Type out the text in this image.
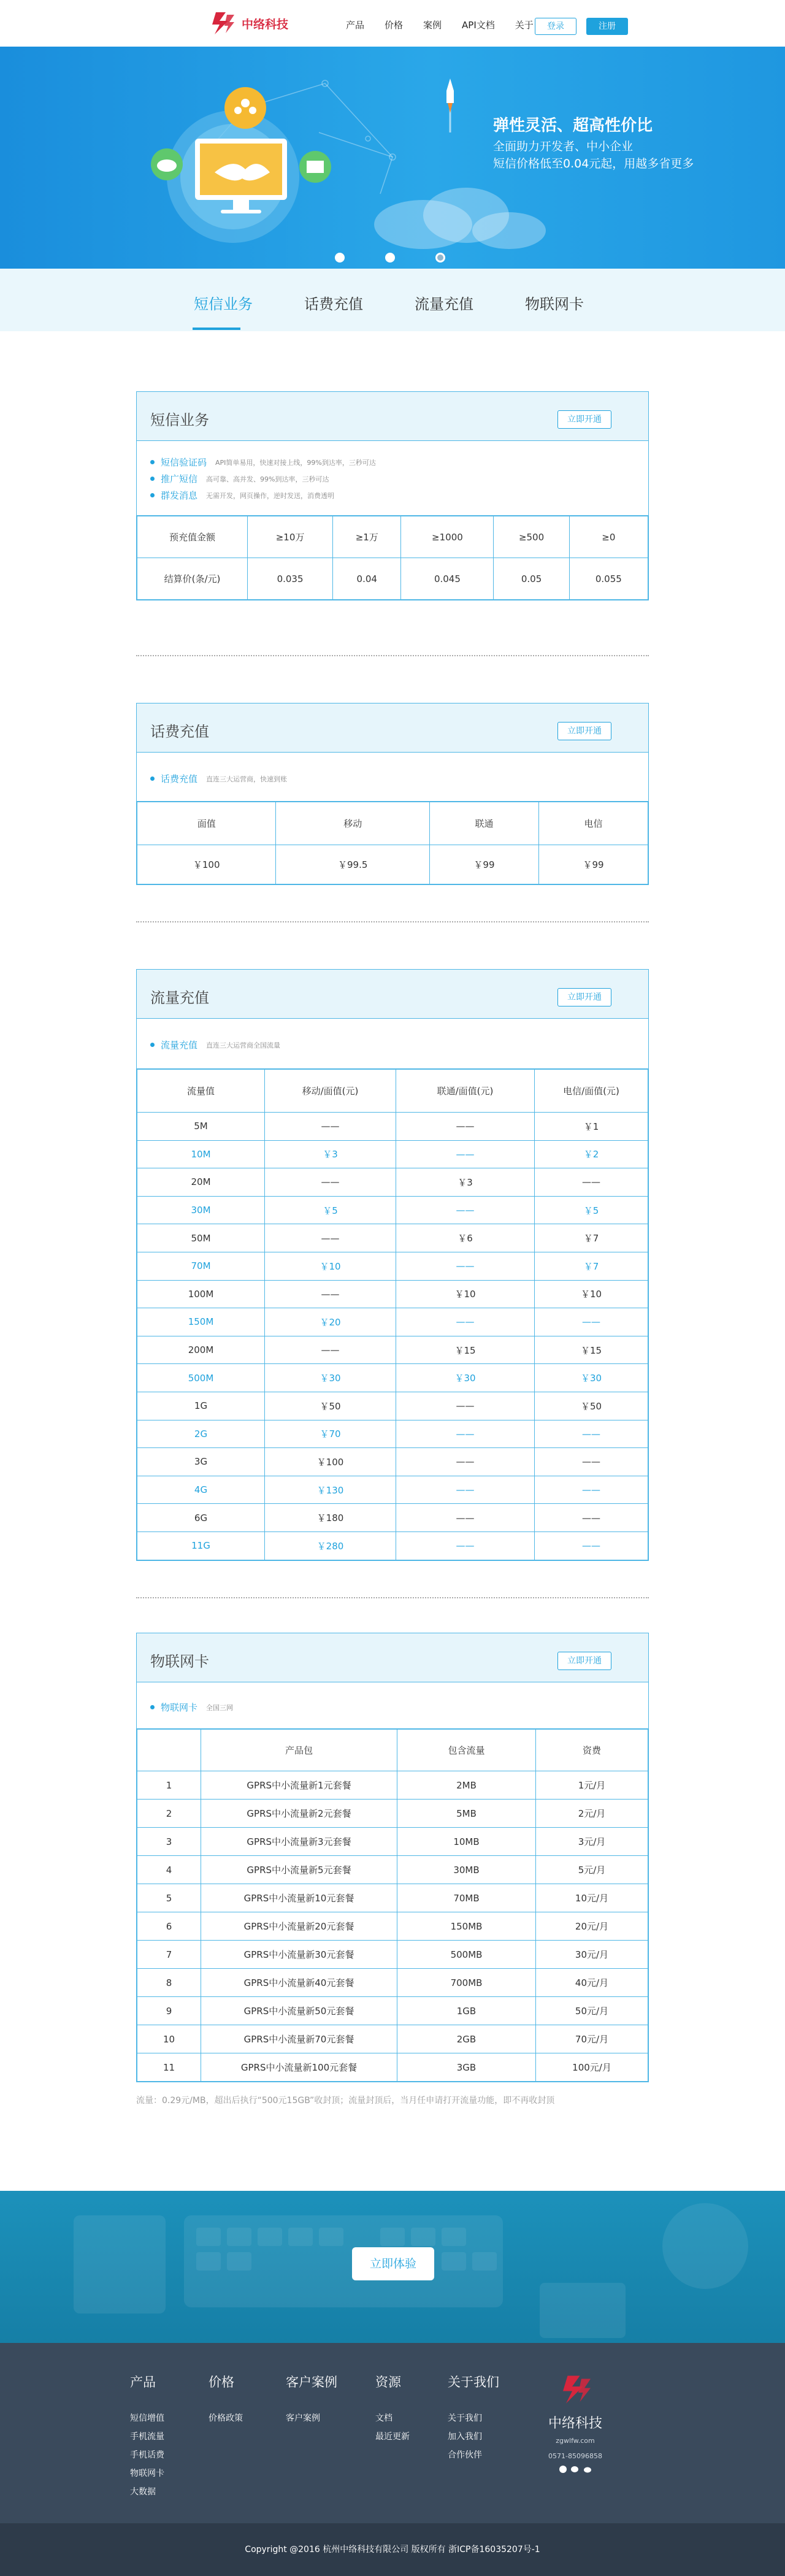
中络科技	产品 价格 案例 API文档 关于	登录	注册
弹性灵活、超高性价比
全面助力开发者、中小企业
短信价格低至0.04元起，用越多省更多
短信业务	话费充值	流量充值	物联网卡
短信业务	立即开通
短信验证码 API简单易用，快速对接上线，99%到达率，三秒可达
推广短信 高可靠、高并发、99%到达率，三秒可达
群发消息 无需开发，网页操作，逆时发送，消费透明
预充值金额	≥10万	≥1万	≥1000	≥500	≥0
结算价(条/元)	0.035	0.04	0.045	0.05	0.055
话费充值	立即开通
话费充值 直连三大运营商，快速到账
面值	移动	联通	电信
￥100	￥99.5	￥99	￥99
流量充值	立即开通
流量充值 直连三大运营商全国流量
流量值	移动/面值(元)	联通/面值(元)	电信/面值(元)
5M	——	——	￥1
10M	￥3	——	￥2
20M	——	￥3	——
30M	￥5	——	￥5
50M	——	￥6	￥7
70M	￥10	——	￥7
100M	——	￥10	￥10
150M	￥20	——	——
200M	——	￥15	￥15
500M	￥30	￥30	￥30
1G	￥50	——	￥50
2G	￥70	——	——
3G	￥100	——	——
4G	￥130	——	——
6G	￥180	——	——
11G	￥280	——	——
物联网卡	立即开通
物联网卡 全国三网
	产品包	包含流量	资费
1	GPRS中小流量新1元套餐	2MB	1元/月
2	GPRS中小流量新2元套餐	5MB	2元/月
3	GPRS中小流量新3元套餐	10MB	3元/月
4	GPRS中小流量新5元套餐	30MB	5元/月
5	GPRS中小流量新10元套餐	70MB	10元/月
6	GPRS中小流量新20元套餐	150MB	20元/月
7	GPRS中小流量新30元套餐	500MB	30元/月
8	GPRS中小流量新40元套餐	700MB	40元/月
9	GPRS中小流量新50元套餐	1GB	50元/月
10	GPRS中小流量新70元套餐	2GB	70元/月
11	GPRS中小流量新100元套餐	3GB	100元/月
流量：0.29元/MB，超出后执行“500元15GB”收封顶；流量封顶后，当月任申请打开流量功能，即不再收封顶
立即体验
产品
短信增值
手机流量
手机话费
物联网卡
大数据
价格
价格政策
客户案例
客户案例
资源
文档
最近更新
关于我们
关于我们
加入我们
合作伙伴
中络科技
zgwlfw.com
0571-85096858
Copyright @2016 杭州中络科技有限公司 版权所有 浙ICP备16035207号-1
